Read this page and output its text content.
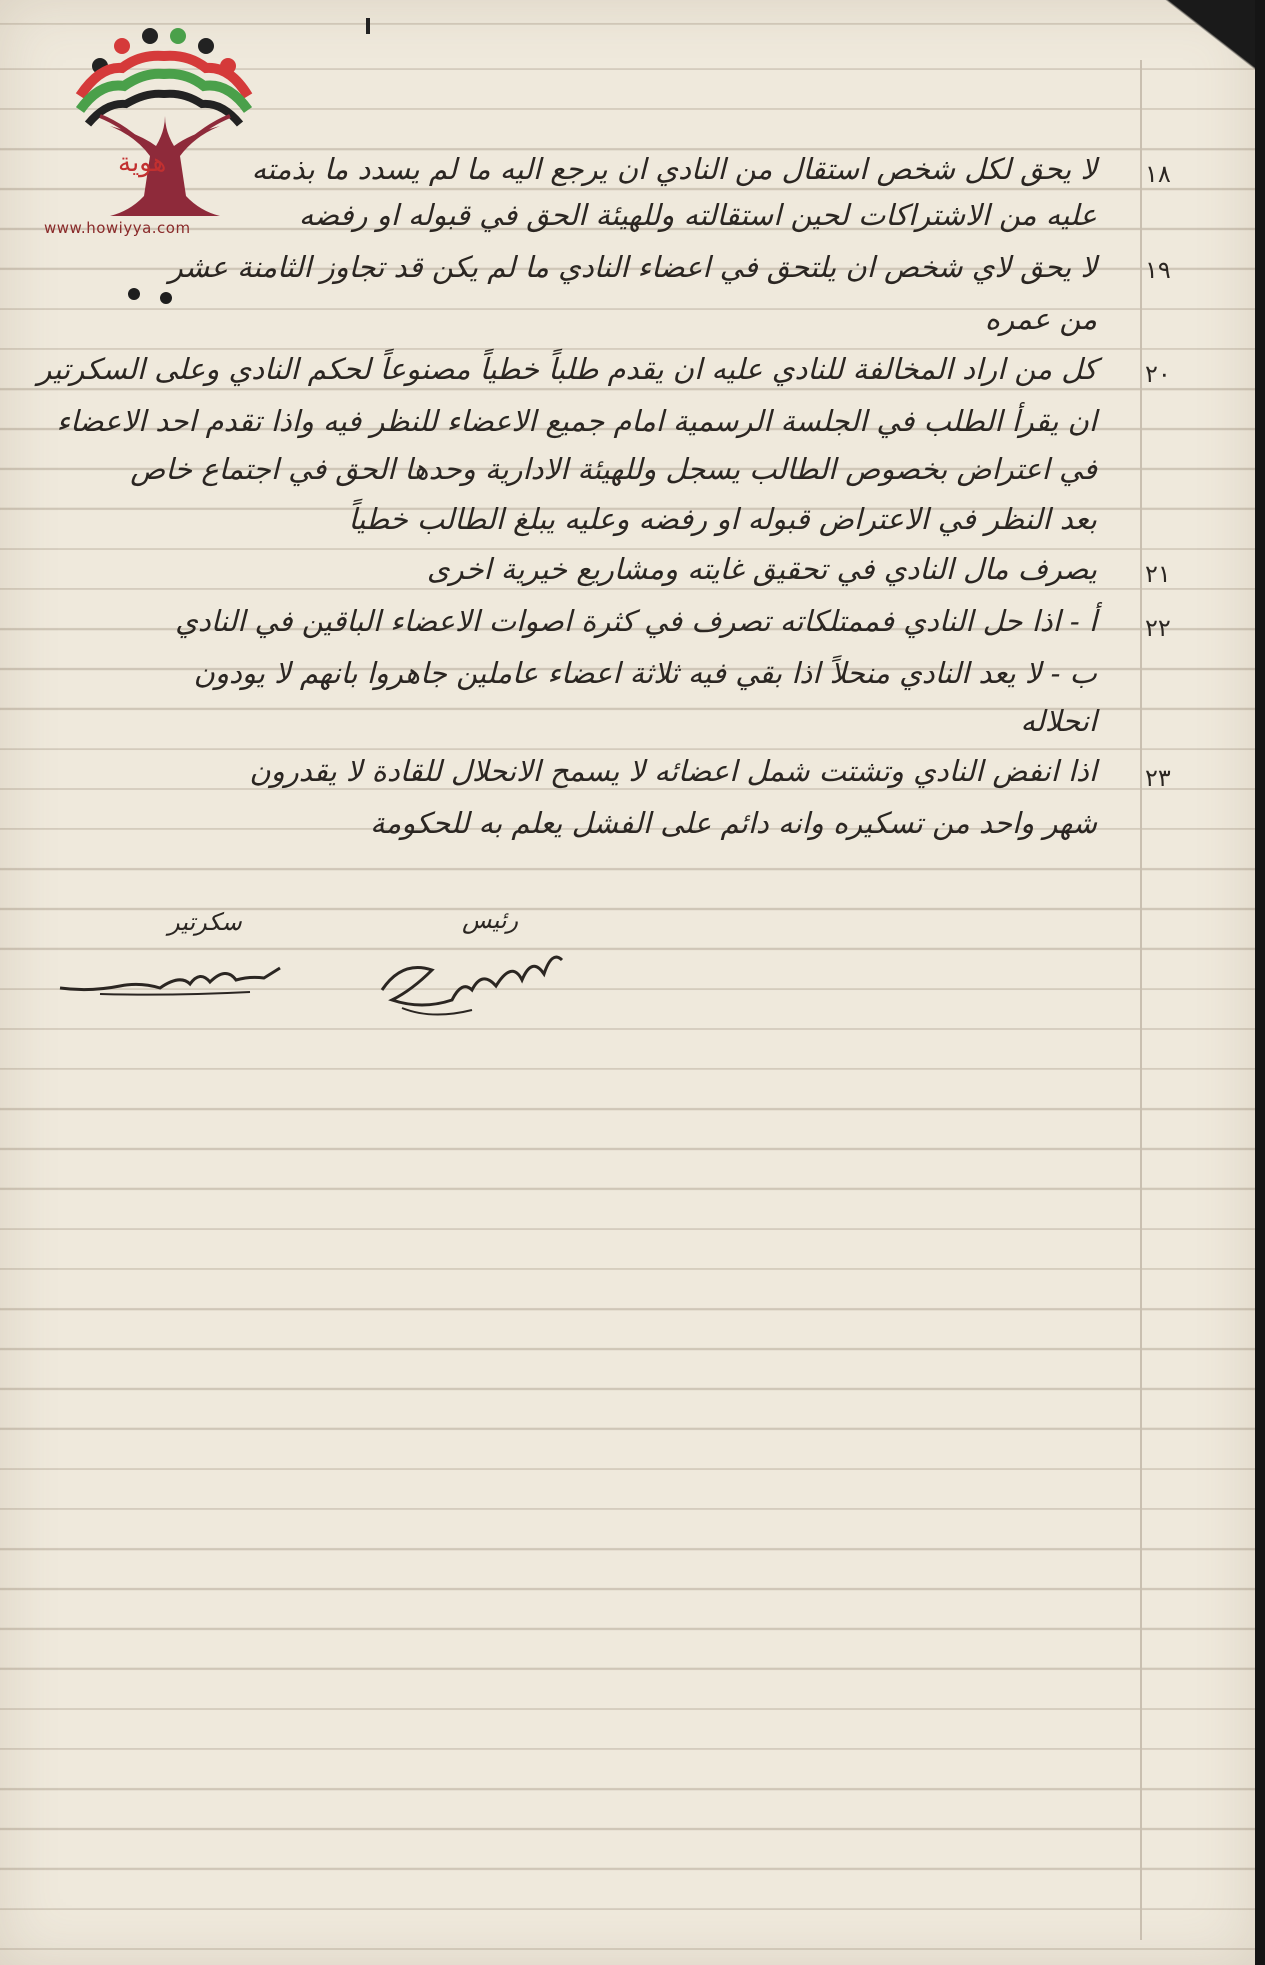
هوية
www.howiyya.com
١٨
لا يحق لكل شخص استقال من النادي ان يرجع اليه ما لم يسدد ما بذمته
عليه من الاشتراكات لحين استقالته وللهيئة الحق في قبوله او رفضه
١٩
لا يحق لاي شخص ان يلتحق في اعضاء النادي ما لم يكن قد تجاوز الثامنة عشر
من عمره
٢٠
كل من اراد المخالفة للنادي عليه ان يقدم طلباً خطياً مصنوعاً لحكم النادي وعلى السكرتير
ان يقرأ الطلب في الجلسة الرسمية امام جميع الاعضاء للنظر فيه واذا تقدم احد الاعضاء
في اعتراض بخصوص الطالب يسجل وللهيئة الادارية وحدها الحق في اجتماع خاص
بعد النظر في الاعتراض قبوله او رفضه وعليه يبلغ الطالب خطياً
٢١
يصرف مال النادي في تحقيق غايته ومشاريع خيرية اخرى
٢٢
أ - اذا حل النادي فممتلكاته تصرف في كثرة اصوات الاعضاء الباقين في النادي
ب - لا يعد النادي منحلاً اذا بقي فيه ثلاثة اعضاء عاملين جاهروا بانهم لا يودون
انحلاله
٢٣
اذا انفض النادي وتشتت شمل اعضائه لا يسمح الانحلال للقادة لا يقدرون
شهر واحد من تسكيره وانه دائم على الفشل يعلم به للحكومة
سكرتير	رئيس
